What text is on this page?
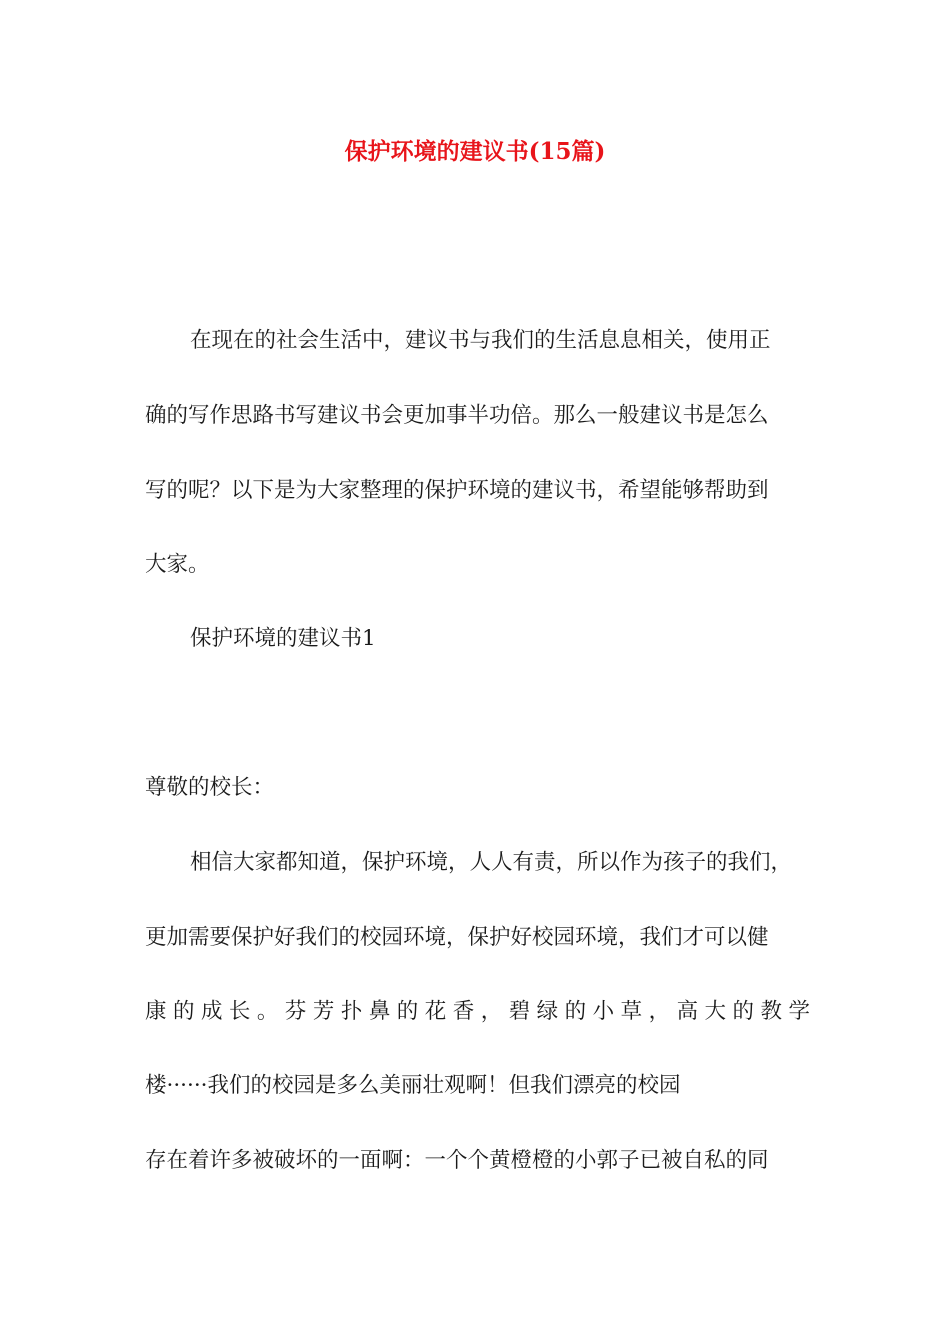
保护环境的建议书(15篇)
在现在的社会生活中，建议书与我们的生活息息相关，使用正
确的写作思路书写建议书会更加事半功倍。那么一般建议书是怎么
写的呢？以下是为大家整理的保护环境的建议书，希望能够帮助到
大家。
保护环境的建议书1
尊敬的校长：
相信大家都知道，保护环境，人人有责，所以作为孩子的我们，
更加需要保护好我们的校园环境，保护好校园环境，我们才可以健
康的成长。芬芳扑鼻的花香，碧绿的小草，高大的教学
楼······我们的校园是多么美丽壮观啊！但我们漂亮的校园
存在着许多被破坏的一面啊：一个个黄橙橙的小郭子已被自私的同
